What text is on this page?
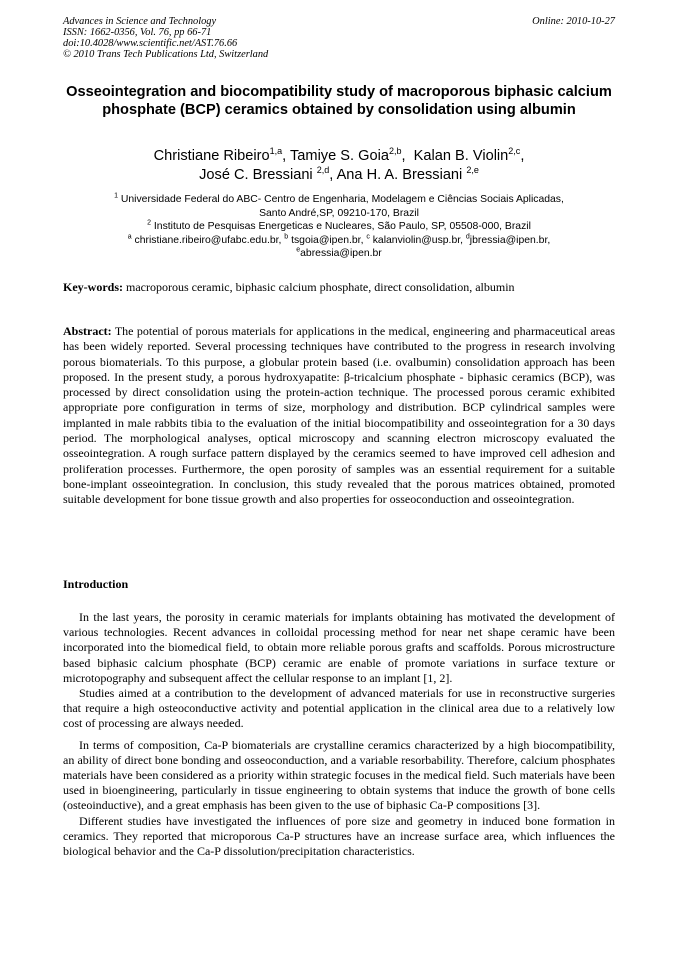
Advances in Science and Technology
ISSN: 1662-0356, Vol. 76, pp 66-71
doi:10.4028/www.scientific.net/AST.76.66
© 2010 Trans Tech Publications Ltd, Switzerland
Online: 2010-10-27
Osseointegration and biocompatibility study of macroporous biphasic calcium phosphate (BCP) ceramics obtained by consolidation using albumin
Christiane Ribeiro$^{1,a}$, Tamiye S. Goia$^{2,b}$,  Kalan B. Violin$^{2,c}$,
José C. Bressiani $^{2,d}$, Ana H. A. Bressiani $^{2,e}$
$^1$ Universidade Federal do ABC- Centro de Engenharia, Modelagem e Ciências Sociais Aplicadas,
Santo André,SP, 09210-170, Brazil
$^2$ Instituto de Pesquisas Energeticas e Nucleares, São Paulo, SP, 05508-000, Brazil
$^a$ christiane.ribeiro@ufabc.edu.br, $^b$ tsgoia@ipen.br, $^c$ kalanviolin@usp.br, $^d$jbressia@ipen.br,
$^e$abressia@ipen.br
Key-words: macroporous ceramic, biphasic calcium phosphate, direct consolidation, albumin
Abstract: The potential of porous materials for applications in the medical, engineering and pharmaceutical areas has been widely reported. Several processing techniques have contributed to the progress in research involving porous biomaterials. To this purpose, a globular protein based (i.e. ovalbumin) consolidation approach has been proposed. In the present study, a porous hydroxyapatite: β-tricalcium phosphate - biphasic ceramics (BCP), was processed by direct consolidation using the protein-action technique. The processed porous ceramic exhibited appropriate pore configuration in terms of size, morphology and distribution. BCP cylindrical samples were implanted in male rabbits tibia to the evaluation of the initial biocompatibility and osseointegration for a 30 days period. The morphological analyses, optical microscopy and scanning electron microscopy evaluated the osseointegration. A rough surface pattern displayed by the ceramics seemed to have improved cell adhesion and proliferation processes. Furthermore, the open porosity of samples was an essential requirement for a suitable bone-implant osseointegration. In conclusion, this study revealed that the porous matrices obtained, promoted suitable development for bone tissue growth and also properties for osseoconduction and osseointegration.
Introduction

In the last years, the porosity in ceramic materials for implants obtaining has motivated the development of various technologies. Recent advances in colloidal processing method for near net shape ceramic have been incorporated into the biomedical field, to obtain more reliable porous grafts and scaffolds. Porous microstructure based biphasic calcium phosphate (BCP) ceramic are enable of promote variations in surface texture or microtopography and subsequent affect the cellular response to an implant [1, 2].

Studies aimed at a contribution to the development of advanced materials for use in reconstructive surgeries that require a high osteoconductive activity and potential application in the clinical area due to a relatively low cost of processing are always needed.

In terms of composition, Ca-P biomaterials are crystalline ceramics characterized by a high biocompatibility, an ability of direct bone bonding and osseoconduction, and a variable resorbability. Therefore, calcium phosphates materials have been considered as a priority within strategic focuses in the medical field. Such materials have been used in bioengineering, particularly in tissue engineering to obtain systems that induce the growth of bone cells (osteoinductive), and a great emphasis has been given to the use of biphasic Ca-P compositions [3].

Different studies have investigated the influences of pore size and geometry in induced bone formation in ceramics. They reported that microporous Ca-P structures have an increase surface area, which influences the biological behavior and the Ca-P dissolution/precipitation characteristics.
